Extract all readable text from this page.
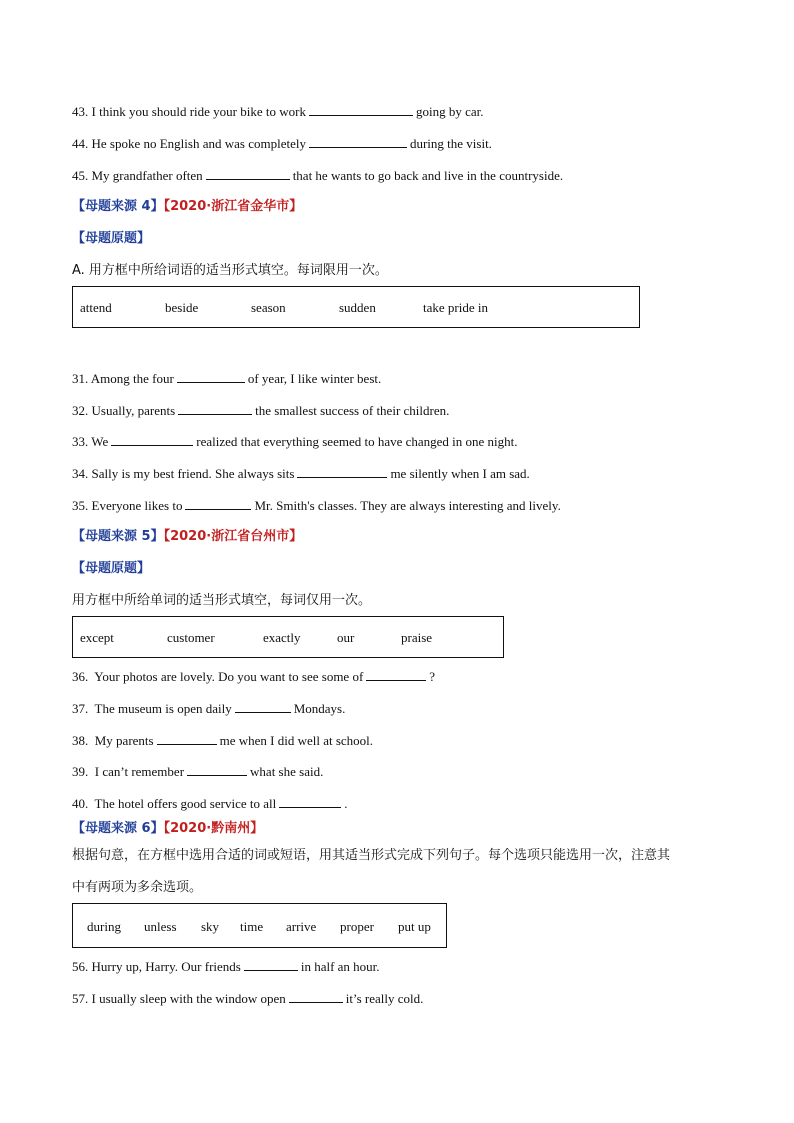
43. I think you should ride your bike to work	going by car.
44. He spoke no English and was completely	during the visit.
45. My grandfather often	that he wants to go back and live in the countryside.
【母题来源 4】【2020·浙江省金华市】
【母题原题】
A. 用方框中所给词语的适当形式填空。每词限用一次。
attend	beside	season	sudden	take pride in
31. Among the four	of year, I like winter best.
32. Usually, parents	the smallest success of their children.
33. We	realized that everything seemed to have changed in one night.
34. Sally is my best friend. She always sits	me silently when I am sad.
35. Everyone likes to	Mr. Smith's classes. They are always interesting and lively.
【母题来源 5】【2020·浙江省台州市】
【母题原题】
用方框中所给单词的适当形式填空，每词仅用一次。
except	customer	exactly	our	praise
36. Your photos are lovely. Do you want to see some of	?
37. The museum is open daily	Mondays.
38. My parents	me when I did well at school.
39. I can’t remember	what she said.
40. The hotel offers good service to all	.
【母题来源 6】【2020·黔南州】
根据句意，在方框中选用合适的词或短语，用其适当形式完成下列句子。每个选项只能选用一次，注意其
中有两项为多余选项。
during unless sky time arrive proper put up
56. Hurry up, Harry. Our friends	in half an hour.
57. I usually sleep with the window open	it’s really cold.
